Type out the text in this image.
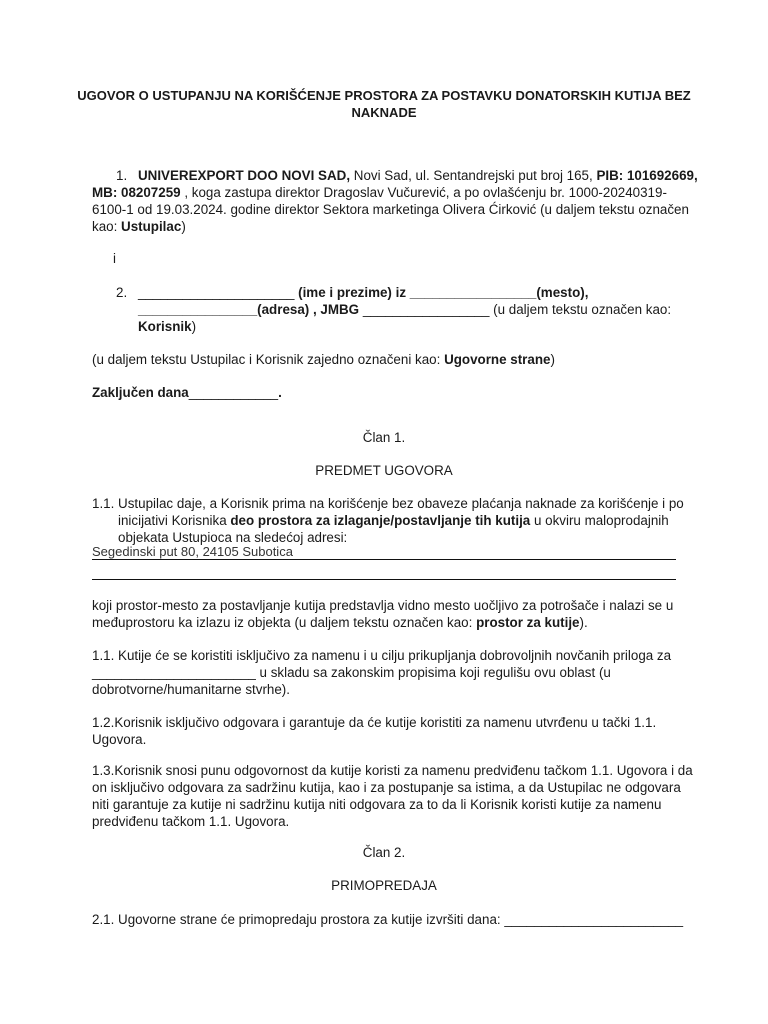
UGOVOR O USTUPANJU NA KORIŠĆENJE PROSTORA ZA POSTAVKU DONATORSKIH KUTIJA BEZ
NAKNADE
1. UNIVEREXPORT DOO NOVI SAD, Novi Sad, ul. Sentandrejski put broj 165, PIB: 101692669,
MB: 08207259 , koga zastupa direktor Dragoslav Vučurević, a po ovlašćenju br. 1000-20240319-
6100-1 od 19.03.2024. godine direktor Sektora marketinga Olivera Ćirković (u daljem tekstu označen
kao: Ustupilac)
i
2. _____________________ (ime i prezime) iz _________________(mesto),
________________(adresa) , JMBG _________________ (u daljem tekstu označen kao:
Korisnik)
(u daljem tekstu Ustupilac i Korisnik zajedno označeni kao: Ugovorne strane)
Zaključen dana____________.
Član 1.
PREDMET UGOVORA
1.1. Ustupilac daje, a Korisnik prima na korišćenje bez obaveze plaćanja naknade za korišćenje i po
inicijativi Korisnika deo prostora za izlaganje/postavljanje tih kutija u okviru maloprodajnih
objekata Ustupioca na sledećoj adresi:
Segedinski put 80, 24105 Subotica
koji prostor-mesto za postavljanje kutija predstavlja vidno mesto uočljivo za potrošače i nalazi se u
međuprostoru ka izlazu iz objekta (u daljem tekstu označen kao: prostor za kutije).
1.1. Kutije će se koristiti isključivo za namenu i u cilju prikupljanja dobrovoljnih novčanih priloga za
______________________ u skladu sa zakonskim propisima koji regulišu ovu oblast (u
dobrotvorne/humanitarne stvrhe).
1.2.Korisnik isključivo odgovara i garantuje da će kutije koristiti za namenu utvrđenu u tački 1.1.
Ugovora.
1.3.Korisnik snosi punu odgovornost da kutije koristi za namenu predviđenu tačkom 1.1. Ugovora i da
on isključivo odgovara za sadržinu kutija, kao i za postupanje sa istima, a da Ustupilac ne odgovara
niti garantuje za kutije ni sadržinu kutija niti odgovara za to da li Korisnik koristi kutije za namenu
predviđenu tačkom 1.1. Ugovora.
Član 2.
PRIMOPREDAJA
2.1. Ugovorne strane će primopredaju prostora za kutije izvršiti dana: ________________________
